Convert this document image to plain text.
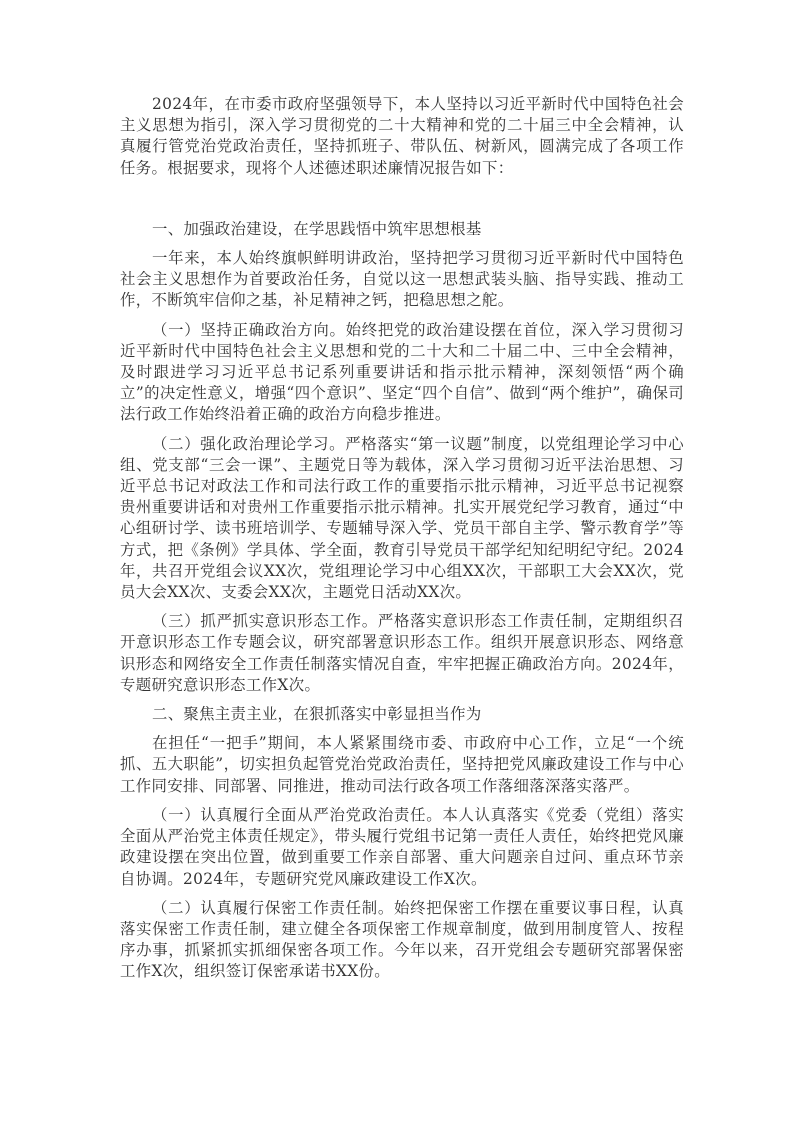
2024年，在市委市政府坚强领导下，本人坚持以习近平新时代中国特色社会主义思想为指引，深入学习贯彻党的二十大精神和党的二十届三中全会精神，认真履行管党治党政治责任，坚持抓班子、带队伍、树新风，圆满完成了各项工作任务。根据要求，现将个人述德述职述廉情况报告如下：

一、加强政治建设，在学思践悟中筑牢思想根基

一年来，本人始终旗帜鲜明讲政治，坚持把学习贯彻习近平新时代中国特色社会主义思想作为首要政治任务，自觉以这一思想武装头脑、指导实践、推动工作，不断筑牢信仰之基，补足精神之钙，把稳思想之舵。

（一）坚持正确政治方向。始终把党的政治建设摆在首位，深入学习贯彻习近平新时代中国特色社会主义思想和党的二十大和二十届二中、三中全会精神，及时跟进学习习近平总书记系列重要讲话和指示批示精神，深刻领悟“两个确立”的决定性意义，增强“四个意识”、坚定“四个自信”、做到“两个维护”，确保司法行政工作始终沿着正确的政治方向稳步推进。

（二）强化政治理论学习。严格落实“第一议题”制度，以党组理论学习中心组、党支部“三会一课”、主题党日等为载体，深入学习贯彻习近平法治思想、习近平总书记对政法工作和司法行政工作的重要指示批示精神，习近平总书记视察贵州重要讲话和对贵州工作重要指示批示精神。扎实开展党纪学习教育，通过“中心组研讨学、读书班培训学、专题辅导深入学、党员干部自主学、警示教育学”等方式，把《条例》学具体、学全面，教育引导党员干部学纪知纪明纪守纪。2024年，共召开党组会议XX次，党组理论学习中心组XX次，干部职工大会XX次，党员大会XX次、支委会XX次，主题党日活动XX次。

（三）抓严抓实意识形态工作。严格落实意识形态工作责任制，定期组织召开意识形态工作专题会议，研究部署意识形态工作。组织开展意识形态、网络意识形态和网络安全工作责任制落实情况自查，牢牢把握正确政治方向。2024年，专题研究意识形态工作X次。

二、聚焦主责主业，在狠抓落实中彰显担当作为

在担任“一把手”期间，本人紧紧围绕市委、市政府中心工作，立足“一个统抓、五大职能”，切实担负起管党治党政治责任，坚持把党风廉政建设工作与中心工作同安排、同部署、同推进，推动司法行政各项工作落细落深落实落严。

（一）认真履行全面从严治党政治责任。本人认真落实《党委（党组）落实全面从严治党主体责任规定》，带头履行党组书记第一责任人责任，始终把党风廉政建设摆在突出位置，做到重要工作亲自部署、重大问题亲自过问、重点环节亲自协调。2024年，专题研究党风廉政建设工作X次。

（二）认真履行保密工作责任制。始终把保密工作摆在重要议事日程，认真落实保密工作责任制，建立健全各项保密工作规章制度，做到用制度管人、按程序办事，抓紧抓实抓细保密各项工作。今年以来，召开党组会专题研究部署保密工作X次，组织签订保密承诺书XX份。
